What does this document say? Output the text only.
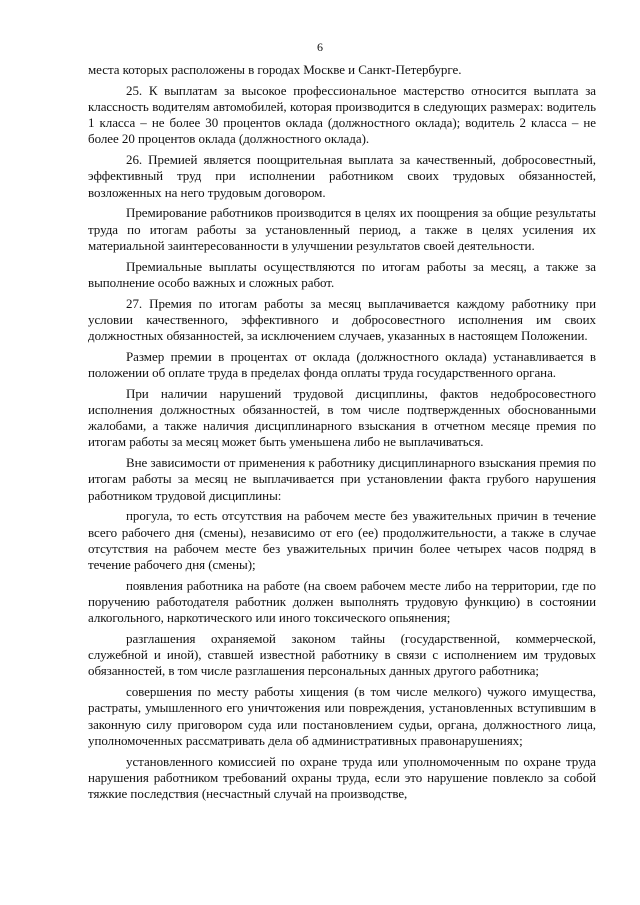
6

места которых расположены в городах Москве и Санкт-Петербурге.

25. К выплатам за высокое профессиональное мастерство относится выплата за классность водителям автомобилей, которая производится в следующих размерах: водитель 1 класса – не более 30 процентов оклада (должностного оклада); водитель 2 класса – не более 20 процентов оклада (должностного оклада).

26. Премией является поощрительная выплата за качественный, добросовестный, эффективный труд при исполнении работником своих трудовых обязанностей, возложенных на него трудовым договором.

Премирование работников производится в целях их поощрения за общие результаты труда по итогам работы за установленный период, а также в целях усиления их материальной заинтересованности в улучшении результатов своей деятельности.

Премиальные выплаты осуществляются по итогам работы за месяц, а также за выполнение особо важных и сложных работ.

27. Премия по итогам работы за месяц выплачивается каждому работнику при условии качественного, эффективного и добросовестного исполнения им своих должностных обязанностей, за исключением случаев, указанных в настоящем Положении.

Размер премии в процентах от оклада (должностного оклада) устанавливается в положении об оплате труда в пределах фонда оплаты труда государственного органа.

При наличии нарушений трудовой дисциплины, фактов недобросовестного исполнения должностных обязанностей, в том числе подтвержденных обоснованными жалобами, а также наличия дисциплинарного взыскания в отчетном месяце премия по итогам работы за месяц может быть уменьшена либо не выплачиваться.

Вне зависимости от применения к работнику дисциплинарного взыскания премия по итогам работы за месяц не выплачивается при установлении факта грубого нарушения работником трудовой дисциплины:

прогула, то есть отсутствия на рабочем месте без уважительных причин в течение всего рабочего дня (смены), независимо от его (ее) продолжительности, а также в случае отсутствия на рабочем месте без уважительных причин более четырех часов подряд в течение рабочего дня (смены);

появления работника на работе (на своем рабочем месте либо на территории, где по поручению работодателя работник должен выполнять трудовую функцию) в состоянии алкогольного, наркотического или иного токсического опьянения;

разглашения охраняемой законом тайны (государственной, коммерческой, служебной и иной), ставшей известной работнику в связи с исполнением им трудовых обязанностей, в том числе разглашения персональных данных другого работника;

совершения по месту работы хищения (в том числе мелкого) чужого имущества, растраты, умышленного его уничтожения или повреждения, установленных вступившим в законную силу приговором суда или постановлением судьи, органа, должностного лица, уполномоченных рассматривать дела об административных правонарушениях;

установленного комиссией по охране труда или уполномоченным по охране труда нарушения работником требований охраны труда, если это нарушение повлекло за собой тяжкие последствия (несчастный случай на производстве,
